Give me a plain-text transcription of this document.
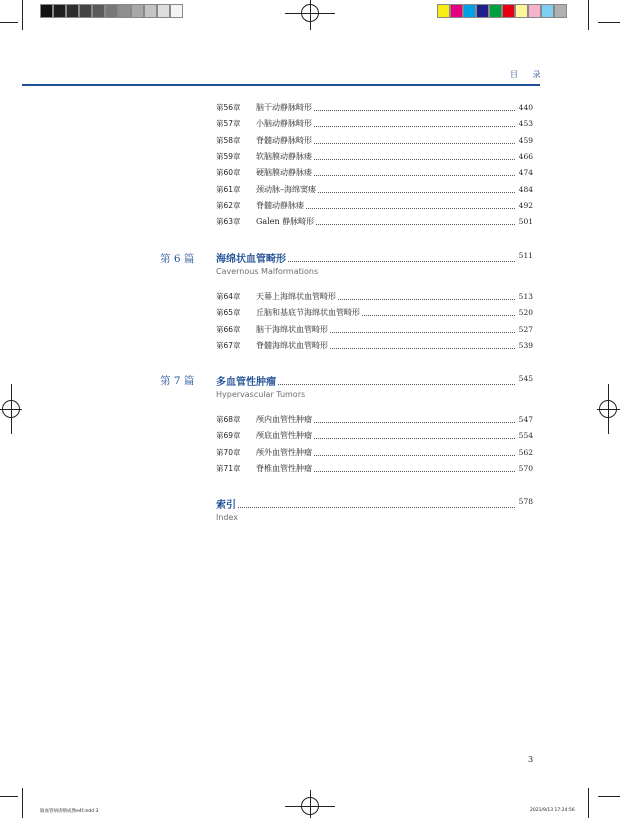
目 录
第56章 脑干动静脉畸形	440
第57章 小脑动静脉畸形	453
第58章 脊髓动静脉畸形	459
第59章 软脑膜动静脉瘘	466
第60章 硬脑膜动静脉瘘	474
第61章 颈动脉–海绵窦瘘	484
第62章 脊髓动静脉瘘	492
第63章 Galen 静脉畸形	501
第 6 篇 海绵状血管畸形	511
Cavernous Malformations
第64章 天幕上海绵状血管畸形	513
第65章 丘脑和基底节海绵状血管畸形	520
第66章 脑干海绵状血管畸形	527
第67章 脊髓海绵状血管畸形	539
第 7 篇 多血管性肿瘤	545
Hypervascular Tumors
第68章 颅内血管性肿瘤	547
第69章 颅底血管性肿瘤	554
第70章 颅外血管性肿瘤	562
第71章 脊椎血管性肿瘤	570
索引	578
Index
3
脑血管病诊断成像e4f.indd 3	2021/9/13 17:24:56
